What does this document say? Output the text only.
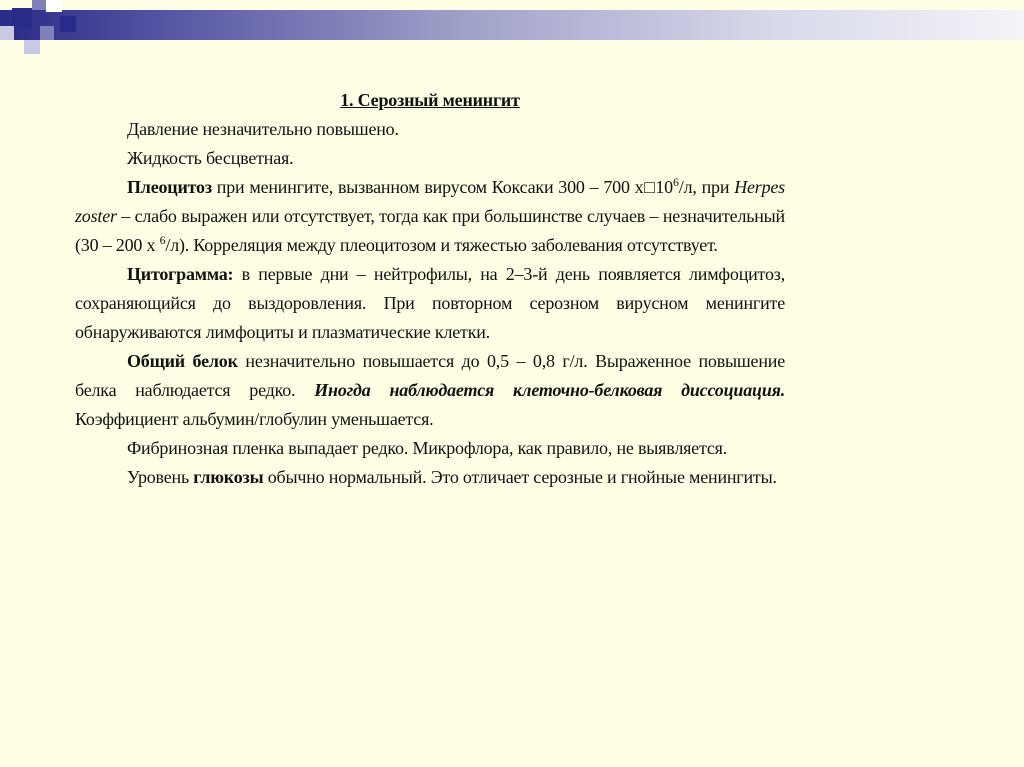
1. Серозный менингит

Давление незначительно повышено.

Жидкость бесцветная.

Плеоцитоз при менингите, вызванном вирусом Коксаки 300 – 700 $х□10^6/л$, при Herpes zoster – слабо выражен или отсутствует, тогда как при большинстве случаев – незначительный (30 – 200 х $^6$/л). Корреляция между плеоцитозом и тяжестью заболевания отсутствует.

Цитограмма: в первые дни – нейтрофилы, на 2–3-й день появляется лимфоцитоз, сохраняющийся до выздоровления. При повторном серозном вирусном менингите обнаруживаются лимфоциты и плазматические клетки.

Общий белок незначительно повышается до 0,5 – 0,8 г/л. Выраженное повышение белка наблюдается редко. Иногда наблюдается клеточно-белковая диссоциация. Коэффициент альбумин/глобулин уменьшается.

Фибринозная пленка выпадает редко. Микрофлора, как правило, не выявляется.

Уровень глюкозы обычно нормальный. Это отличает серозные и гнойные менингиты.
